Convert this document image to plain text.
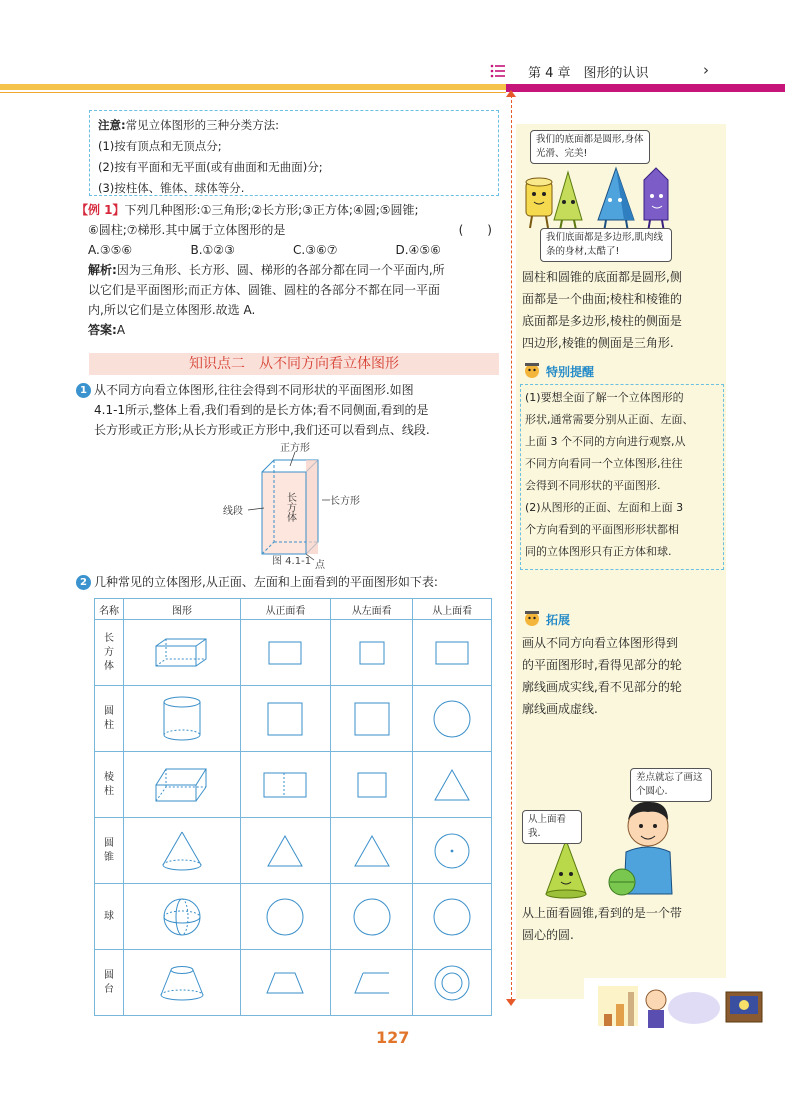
第 4 章　图形的认识	›
注意:常见立体图形的三种分类方法:
(1)按有顶点和无顶点分;
(2)按有平面和无平面(或有曲面和无曲面)分;
(3)按柱体、锥体、球体等分.
【例 1】下列几种图形:①三角形;②长方形;③正方体;④圆;⑤圆锥;
⑥圆柱;⑦梯形.其中属于立体图形的是	(　　)
A.③⑤⑥	B.①②③	C.③⑥⑦	D.④⑤⑥
解析:因为三角形、长方形、圆、梯形的各部分都在同一个平面内,所
以它们是平面图形;而正方体、圆锥、圆柱的各部分不都在同一平面
内,所以它们是立体图形.故选 A.
答案:A
知识点二　从不同方向看立体图形
1 从不同方向看立体图形,往往会得到不同形状的平面图形.如图
4.1-1所示,整体上看,我们看到的是长方体;看不同侧面,看到的是
长方形或正方形;从长方形或正方形中,我们还可以看到点、线段.
正方形
长方形
线段
点
长方体
图 4.1-1
2 几种常见的立体图形,从正面、左面和上面看到的平面图形如下表:
名称	图形	从正面看	从左面看	从上面看

长方体

圆柱

棱柱

圆锥

球

圆台

我们的底面都是圆形,身体光滑、完美!
我们底面都是多边形,肌肉线条的身材,太酷了!
圆柱和圆锥的底面都是圆形,侧
面都是一个曲面;棱柱和棱锥的
底面都是多边形,棱柱的侧面是
四边形,棱锥的侧面是三角形.
特别提醒
(1)要想全面了解一个立体图形的
形状,通常需要分别从正面、左面、
上面 3 个不同的方向进行观察,从
不同方向看同一个立体图形,往往
会得到不同形状的平面图形.
(2)从图形的正面、左面和上面 3
个方向看到的平面图形形状都相
同的立体图形只有正方体和球.
拓展
画从不同方向看立体图形得到
的平面图形时,看得见部分的轮
廓线画成实线,看不见部分的轮
廓线画成虚线.
差点就忘了画这个圆心.
从上面看我.
从上面看圆锥,看到的是一个带
圆心的圆.
127
